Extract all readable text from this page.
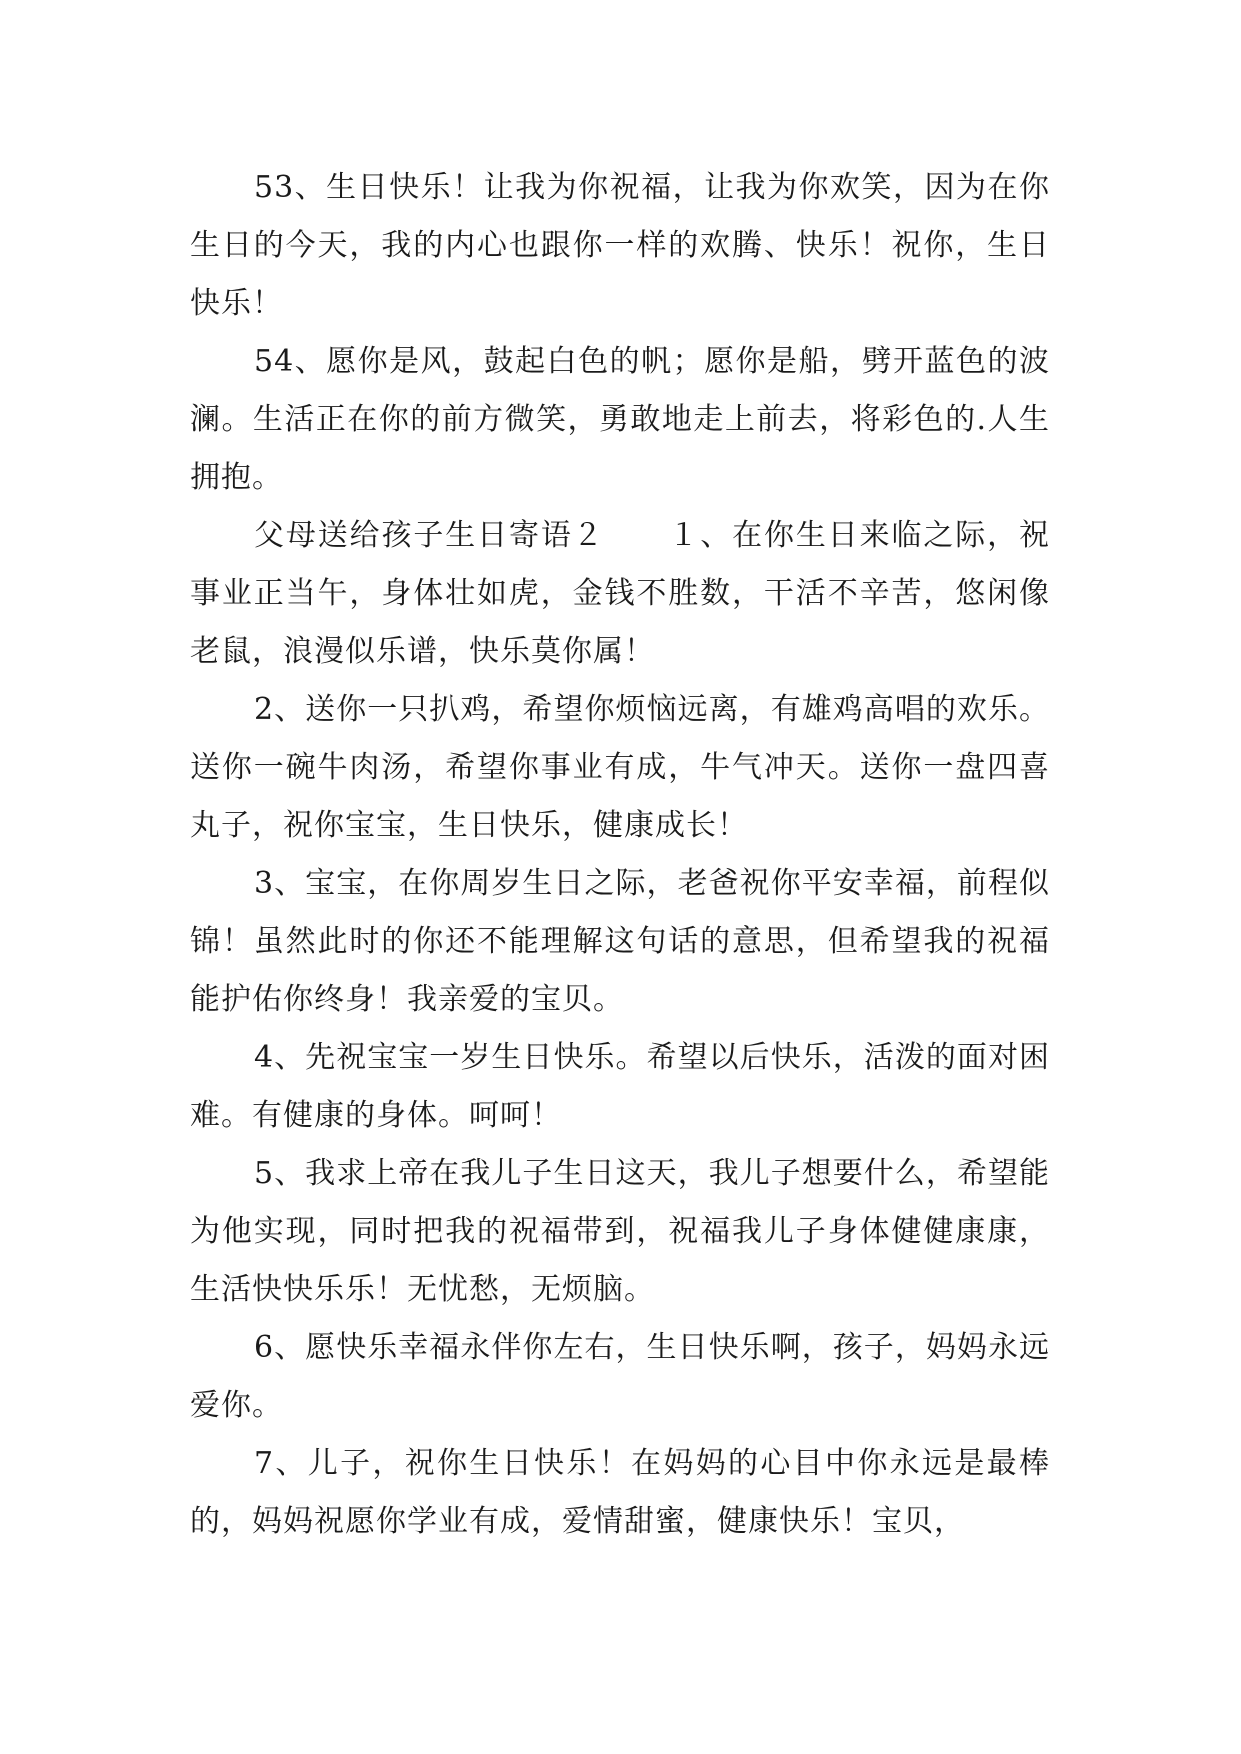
53、生日快乐！让我为你祝福，让我为你欢笑，因为在你生日的今天，我的内心也跟你一样的欢腾、快乐！祝你，生日快乐！

54、愿你是风，鼓起白色的帆；愿你是船，劈开蓝色的波澜。生活正在你的前方微笑，勇敢地走上前去，将彩色的.人生拥抱。

父母送给孩子生日寄语２　　１、在你生日来临之际，祝事业正当午，身体壮如虎，金钱不胜数，干活不辛苦，悠闲像老鼠，浪漫似乐谱，快乐莫你属！

2、送你一只扒鸡，希望你烦恼远离，有雄鸡高唱的欢乐。送你一碗牛肉汤，希望你事业有成，牛气冲天。送你一盘四喜丸子，祝你宝宝，生日快乐，健康成长！

3、宝宝，在你周岁生日之际，老爸祝你平安幸福，前程似锦！虽然此时的你还不能理解这句话的意思，但希望我的祝福能护佑你终身！我亲爱的宝贝。

4、先祝宝宝一岁生日快乐。希望以后快乐，活泼的面对困难。有健康的身体。呵呵！

5、我求上帝在我儿子生日这天，我儿子想要什么，希望能为他实现，同时把我的祝福带到，祝福我儿子身体健健康康，生活快快乐乐！无忧愁，无烦脑。

6、愿快乐幸福永伴你左右，生日快乐啊，孩子，妈妈永远爱你。

7、儿子，祝你生日快乐！在妈妈的心目中你永远是最棒的，妈妈祝愿你学业有成，爱情甜蜜，健康快乐！宝贝，
